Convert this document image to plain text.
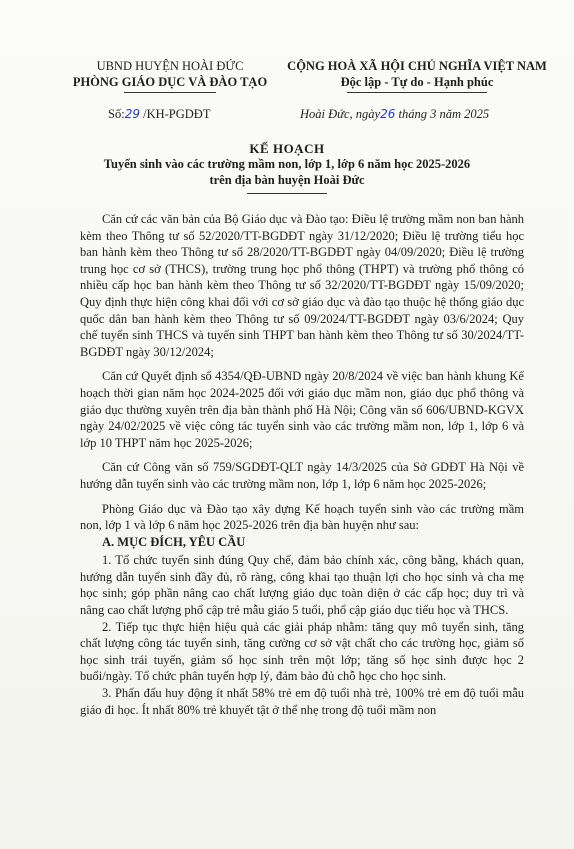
UBND HUYỆN HOÀI ĐỨC
PHÒNG GIÁO DỤC VÀ ĐÀO TẠO
CỘNG HOÀ XÃ HỘI CHỦ NGHĨA VIỆT NAM
Độc lập - Tự do - Hạnh phúc
Số:29 /KH-PGDĐT	Hoài Đức, ngày26 tháng 3 năm 2025
KẾ HOẠCH
Tuyển sinh vào các trường mầm non, lớp 1, lớp 6 năm học 2025-2026
trên địa bàn huyện Hoài Đức

Căn cứ các văn bản của Bộ Giáo dục và Đào tạo: Điều lệ trường mầm non ban hành kèm theo Thông tư số 52/2020/TT-BGDĐT ngày 31/12/2020; Điều lệ trường tiểu học ban hành kèm theo Thông tư số 28/2020/TT-BGDĐT ngày 04/09/2020; Điều lệ trường trung học cơ sở (THCS), trường trung học phổ thông (THPT) và trường phổ thông có nhiều cấp học ban hành kèm theo Thông tư số 32/2020/TT-BGDĐT ngày 15/09/2020; Quy định thực hiện công khai đối với cơ sở giáo dục và đào tạo thuộc hệ thống giáo dục quốc dân ban hành kèm theo Thông tư số 09/2024/TT-BGDĐT ngày 03/6/2024; Quy chế tuyển sinh THCS và tuyển sinh THPT ban hành kèm theo Thông tư số 30/2024/TT-BGDĐT ngày 30/12/2024;

Căn cứ Quyết định số 4354/QĐ-UBND ngày 20/8/2024 về việc ban hành khung Kế hoạch thời gian năm học 2024-2025 đối với giáo dục mầm non, giáo dục phổ thông và giáo dục thường xuyên trên địa bàn thành phố Hà Nội; Công văn số 606/UBND-KGVX ngày 24/02/2025 về việc công tác tuyển sinh vào các trường mầm non, lớp 1, lớp 6 và lớp 10 THPT năm học 2025-2026;

Căn cứ Công văn số 759/SGDĐT-QLT ngày 14/3/2025 của Sở GDĐT Hà Nội về hướng dẫn tuyển sinh vào các trường mầm non, lớp 1, lớp 6 năm học 2025-2026;

Phòng Giáo dục và Đào tạo xây dựng Kế hoạch tuyển sinh vào các trường mầm non, lớp 1 và lớp 6 năm học 2025-2026 trên địa bàn huyện như sau:

A. MỤC ĐÍCH, YÊU CẦU

1. Tổ chức tuyển sinh đúng Quy chế, đảm bảo chính xác, công bằng, khách quan, hướng dẫn tuyển sinh đầy đủ, rõ ràng, công khai tạo thuận lợi cho học sinh và cha mẹ học sinh; góp phần nâng cao chất lượng giáo dục toàn diện ở các cấp học; duy trì và nâng cao chất lượng phổ cập trẻ mẫu giáo 5 tuổi, phổ cập giáo dục tiểu học và THCS.

2. Tiếp tục thực hiện hiệu quả các giải pháp nhằm: tăng quy mô tuyển sinh, tăng chất lượng công tác tuyển sinh, tăng cường cơ sở vật chất cho các trường học, giảm số học sinh trái tuyến, giảm số học sinh trên một lớp; tăng số học sinh được học 2 buổi/ngày. Tổ chức phân tuyến hợp lý, đảm bảo đủ chỗ học cho học sinh.

3. Phấn đấu huy động ít nhất 58% trẻ em độ tuổi nhà trẻ, 100% trẻ em độ tuổi mẫu giáo đi học. Ít nhất 80% trẻ khuyết tật ở thể nhẹ trong độ tuổi mầm non
